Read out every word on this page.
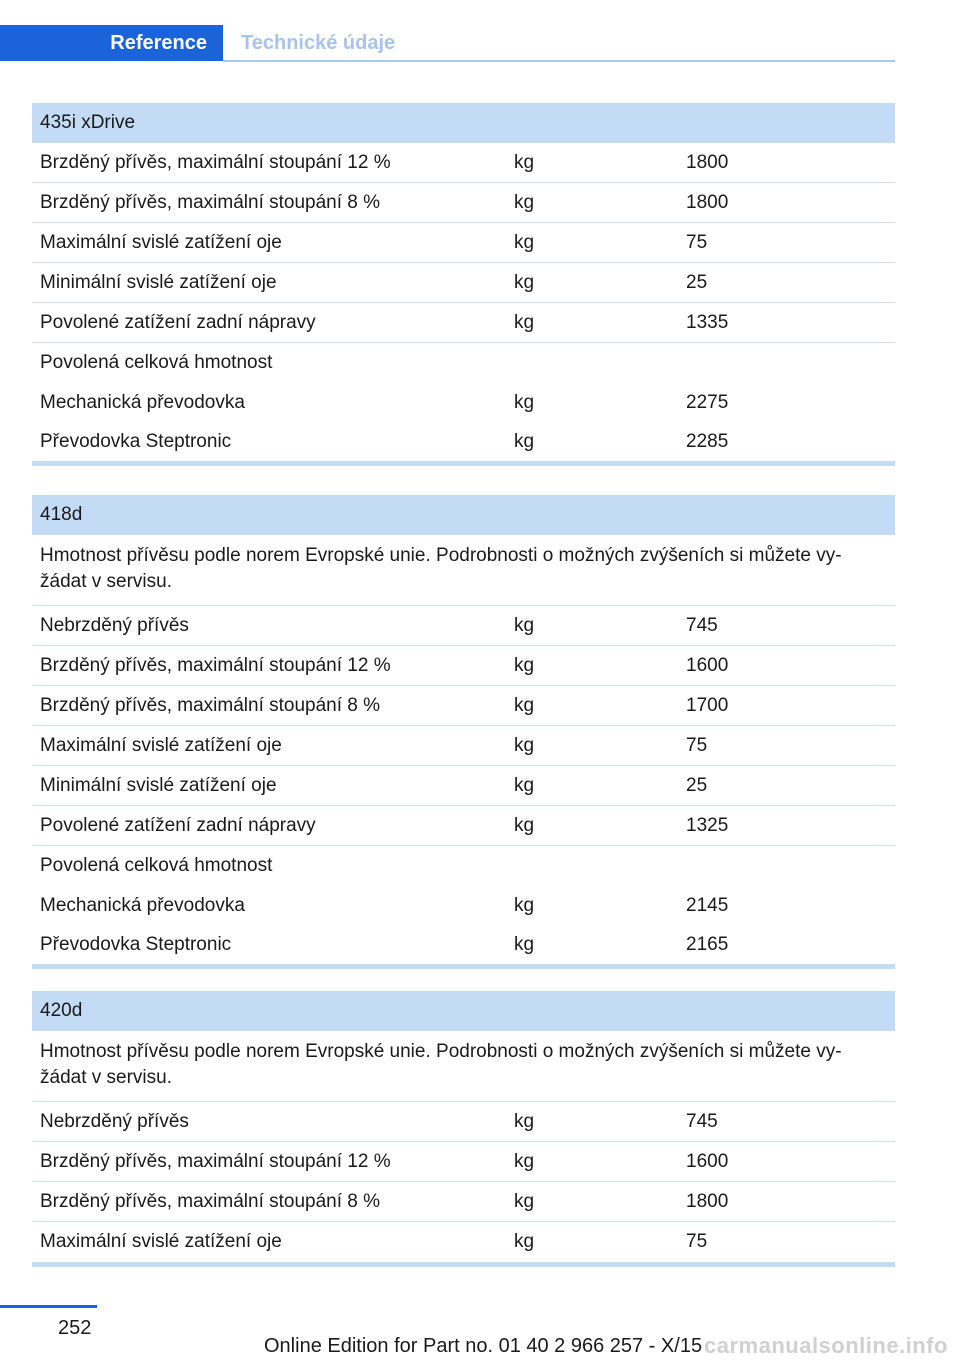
Reference	Technické údaje
435i xDrive
Brzděný přívěs, maximální stoupání 12 %	kg	1800
Brzděný přívěs, maximální stoupání 8 %	kg	1800
Maximální svislé zatížení oje	kg	75
Minimální svislé zatížení oje	kg	25
Povolené zatížení zadní nápravy	kg	1335
Povolená celková hmotnost
Mechanická převodovka	kg	2275
Převodovka Steptronic	kg	2285
418d
Hmotnost přívěsu podle norem Evropské unie. Podrobnosti o možných zvýšeních si můžete vy-žádat v servisu.
Nebrzděný přívěs	kg	745
Brzděný přívěs, maximální stoupání 12 %	kg	1600
Brzděný přívěs, maximální stoupání 8 %	kg	1700
Maximální svislé zatížení oje	kg	75
Minimální svislé zatížení oje	kg	25
Povolené zatížení zadní nápravy	kg	1325
Povolená celková hmotnost
Mechanická převodovka	kg	2145
Převodovka Steptronic	kg	2165
420d
Hmotnost přívěsu podle norem Evropské unie. Podrobnosti o možných zvýšeních si můžete vy-žádat v servisu.
Nebrzděný přívěs	kg	745
Brzděný přívěs, maximální stoupání 12 %	kg	1600
Brzděný přívěs, maximální stoupání 8 %	kg	1800
Maximální svislé zatížení oje	kg	75
252
Online Edition for Part no. 01 40 2 966 257 - X/15 carmanualsonline.info
